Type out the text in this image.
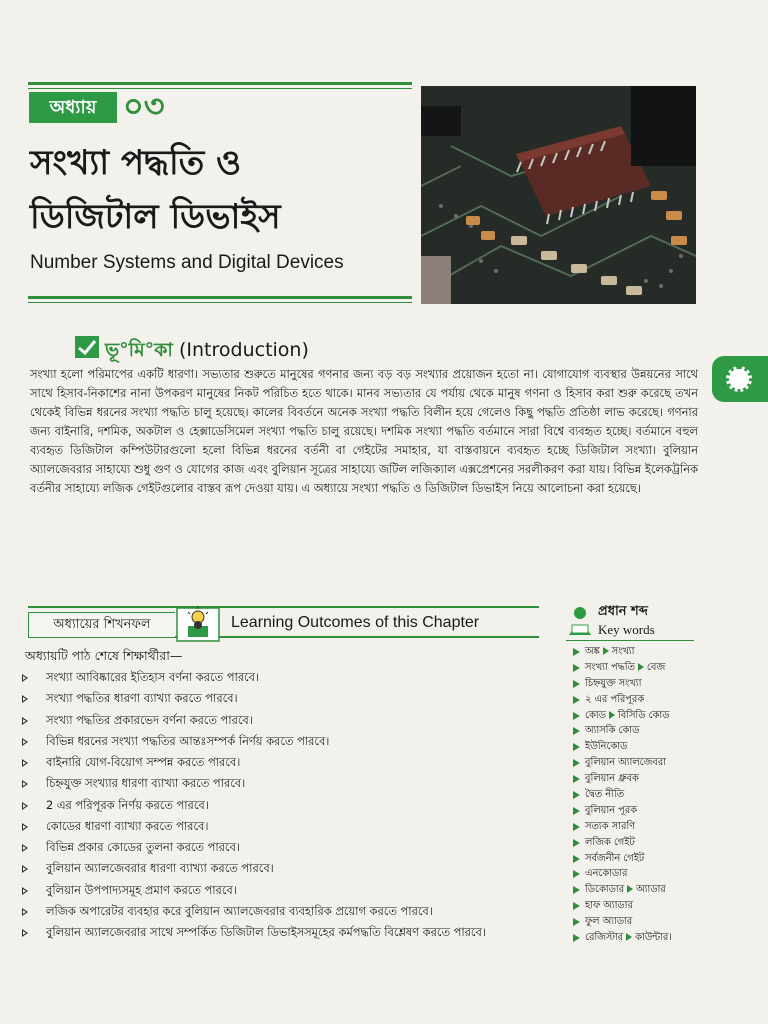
অধ্যায় ০৩
সংখ্যা পদ্ধতি ও
ডিজিটাল ডিভাইস
Number Systems and Digital Devices
ভূ°মি°কা (Introduction)
সংখ্যা হলো পরিমাপের একটি ধারণা। সভ্যতার শুরুতে মানুষের গণনার জন্য বড় বড় সংখ্যার প্রয়োজন হতো না। যোগাযোগ ব্যবস্থার উন্নয়নের সাথে সাথে হিসাব-নিকাশের নানা উপকরণ মানুষের নিকট পরিচিত হতে থাকে। মানব সভ্যতার যে পর্যায় থেকে মানুষ গণনা ও হিসাব করা শুরু করেছে তখন থেকেই বিভিন্ন ধরনের সংখ্যা পদ্ধতি চালু হয়েছে। কালের বিবর্তনে অনেক সংখ্যা পদ্ধতি বিলীন হয়ে গেলেও কিছু পদ্ধতি প্রতিষ্ঠা লাভ করেছে। গণনার জন্য বাইনারি, দশমিক, অকটাল ও হেক্সাডেসিমেল সংখ্যা পদ্ধতি চালু রয়েছে। দশমিক সংখ্যা পদ্ধতি বর্তমানে সারা বিশ্বে ব্যবহৃত হচ্ছে। বর্তমানে বহুল ব্যবহৃত ডিজিটাল কম্পিউটারগুলো হলো বিভিন্ন ধরনের বর্তনী বা গেইটের সমাহার, যা বাস্তবায়নে ব্যবহৃত হচ্ছে ডিজিটাল সংখ্যা। বুলিয়ান অ্যালজেবরার সাহায্যে শুধু গুণ ও যোগের কাজ এবং বুলিয়ান সূত্রের সাহায্যে জটিল লজিক্যাল এক্সপ্রেশনের সরলীকরণ করা যায়। বিভিন্ন ইলেকট্রনিক বর্তনীর সাহায্যে লজিক গেইটগুলোর বাস্তব রূপ দেওয়া যায়। এ অধ্যায়ে সংখ্যা পদ্ধতি ও ডিজিটাল ডিভাইস নিয়ে আলোচনা করা হয়েছে।
অধ্যায়ের শিখনফল	Learning Outcomes of this Chapter
অধ্যায়টি পাঠ শেষে শিক্ষার্থীরা—
সংখ্যা আবিষ্কারের ইতিহাস বর্ণনা করতে পারবে।
সংখ্যা পদ্ধতির ধারণা ব্যাখ্যা করতে পারবে।
সংখ্যা পদ্ধতির প্রকারভেদ বর্ণনা করতে পারবে।
বিভিন্ন ধরনের সংখ্যা পদ্ধতির আন্তঃসম্পর্ক নির্ণয় করতে পারবে।
বাইনারি যোগ-বিয়োগ সম্পন্ন করতে পারবে।
চিহ্নযুক্ত সংখ্যার ধারণা ব্যাখ্যা করতে পারবে।
2 এর পরিপূরক নির্ণয় করতে পারবে।
কোডের ধারণা ব্যাখ্যা করতে পারবে।
বিভিন্ন প্রকার কোডের তুলনা করতে পারবে।
বুলিয়ান অ্যালজেবরার ধারণা ব্যাখ্যা করতে পারবে।
বুলিয়ান উপপাদ্যসমূহ প্রমাণ করতে পারবে।
লজিক অপারেটর ব্যবহার করে বুলিয়ান অ্যালজেবরার ব্যবহারিক প্রয়োগ করতে পারবে।
বুলিয়ান অ্যালজেবরার সাথে সম্পর্কিত ডিজিটাল ডিভাইসসমূহের কর্মপদ্ধতি বিশ্লেষণ করতে পারবে।
প্রধান শব্দ
Key words
অঙ্ক সংখ্যা
সংখ্যা পদ্ধতি বেজ
চিহ্নযুক্ত সংখ্যা
২ এর পরিপূরক
কোড বিসিডি কোড
অ্যাসকি কোড
ইউনিকোড
বুলিয়ান অ্যালজেবরা
বুলিয়ান ধ্রুবক
দ্বৈত নীতি
বুলিয়ান পূরক
সত্যক সারণি
লজিক গেইট
সর্বজনীন গেইট
এনকোডার
ডিকোডার অ্যাডার
হাফ অ্যাডার
ফুল অ্যাডার
রেজিস্টার কাউন্টার।
